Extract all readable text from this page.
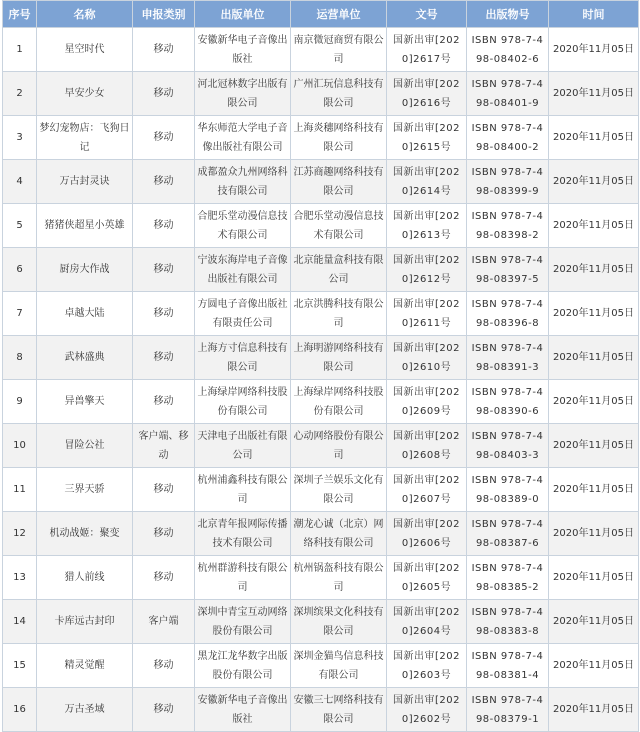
序号	名称	申报类别	出版单位	运营单位	文号	出版物号	时间
1	星空时代	移动	安徽新华电子音像出版社	南京微冠商贸有限公司	国新出审[2020]2617号	ISBN 978-7-498-08402-6	2020年11月05日
2	早安少女	移动	河北冠林数字出版有限公司	广州汇玩信息科技有限公司	国新出审[2020]2616号	ISBN 978-7-498-08401-9	2020年11月05日
3	梦幻宠物店：飞狗日记	移动	华东师范大学电子音像出版社有限公司	上海炎穗网络科技有限公司	国新出审[2020]2615号	ISBN 978-7-498-08400-2	2020年11月05日
4	万古封灵诀	移动	成都盈众九州网络科技有限公司	江苏商趣网络科技有限公司	国新出审[2020]2614号	ISBN 978-7-498-08399-9	2020年11月05日
5	猪猪侠超星小英雄	移动	合肥乐堂动漫信息技术有限公司	合肥乐堂动漫信息技术有限公司	国新出审[2020]2613号	ISBN 978-7-498-08398-2	2020年11月05日
6	厨房大作战	移动	宁波东海岸电子音像出版社有限公司	北京能量盒科技有限公司	国新出审[2020]2612号	ISBN 978-7-498-08397-5	2020年11月05日
7	卓越大陆	移动	方圆电子音像出版社有限责任公司	北京洪腾科技有限公司	国新出审[2020]2611号	ISBN 978-7-498-08396-8	2020年11月05日
8	武林盛典	移动	上海方寸信息科技有限公司	上海明游网络科技有限公司	国新出审[2020]2610号	ISBN 978-7-498-08391-3	2020年11月05日
9	异兽擎天	移动	上海绿岸网络科技股份有限公司	上海绿岸网络科技股份有限公司	国新出审[2020]2609号	ISBN 978-7-498-08390-6	2020年11月05日
10	冒险公社	客户端、移动	天津电子出版社有限公司	心动网络股份有限公司	国新出审[2020]2608号	ISBN 978-7-498-08403-3	2020年11月05日
11	三界天骄	移动	杭州浦鑫科技有限公司	深圳子兰娱乐文化有限公司	国新出审[2020]2607号	ISBN 978-7-498-08389-0	2020年11月05日
12	机动战姬：聚变	移动	北京青年报网际传播技术有限公司	潮龙心诚（北京）网络科技有限公司	国新出审[2020]2606号	ISBN 978-7-498-08387-6	2020年11月05日
13	猎人前线	移动	杭州群游科技有限公司	杭州锅盔科技有限公司	国新出审[2020]2605号	ISBN 978-7-498-08385-2	2020年11月05日
14	卡库远古封印	客户端	深圳中青宝互动网络股份有限公司	深圳缤果文化科技有限公司	国新出审[2020]2604号	ISBN 978-7-498-08383-8	2020年11月05日
15	精灵觉醒	移动	黑龙江龙华数字出版股份有限公司	深圳金猫鸟信息科技有限公司	国新出审[2020]2603号	ISBN 978-7-498-08381-4	2020年11月05日
16	万古圣域	移动	安徽新华电子音像出版社	安徽三七网络科技有限公司	国新出审[2020]2602号	ISBN 978-7-498-08379-1	2020年11月05日
